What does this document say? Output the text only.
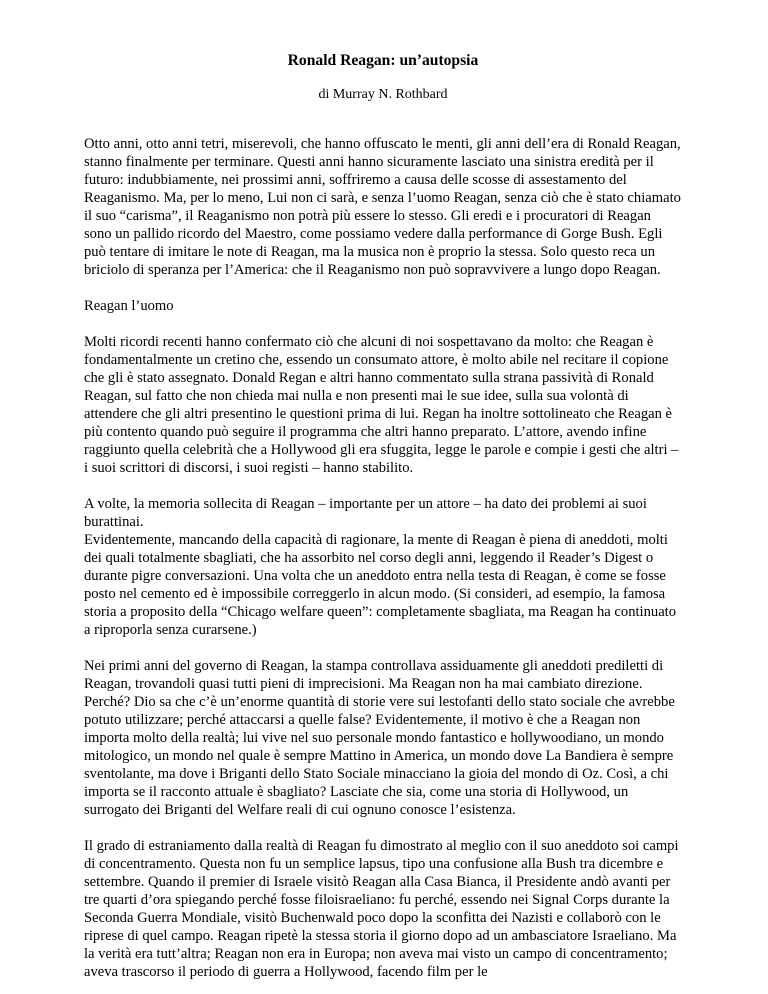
Ronald Reagan: un’autopsia

di Murray N. Rothbard

Otto anni, otto anni tetri, miserevoli, che hanno offuscato le menti, gli anni dell’era di Ronald Reagan, stanno finalmente per terminare. Questi anni hanno sicuramente lasciato una sinistra eredità per il futuro: indubbiamente, nei prossimi anni, soffriremo a causa delle scosse di assestamento del Reaganismo. Ma, per lo meno, Lui non ci sarà, e senza l’uomo Reagan, senza ciò che è stato chiamato il suo “carisma”, il Reaganismo non potrà più essere lo stesso. Gli eredi e i procuratori di Reagan sono un pallido ricordo del Maestro, come possiamo vedere dalla performance di Gorge Bush. Egli può tentare di imitare le note di Reagan, ma la musica non è proprio la stessa. Solo questo reca un briciolo di speranza per l’America: che il Reaganismo non può sopravvivere a lungo dopo Reagan.

Reagan l’uomo

Molti ricordi recenti hanno confermato ciò che alcuni di noi sospettavano da molto: che Reagan è fondamentalmente un cretino che, essendo un consumato attore, è molto abile nel recitare il copione che gli è stato assegnato. Donald Regan e altri hanno commentato sulla strana passività di Ronald Reagan, sul fatto che non chieda mai nulla e non presenti mai le sue idee, sulla sua volontà di attendere che gli altri presentino le questioni prima di lui. Regan ha inoltre sottolineato che Reagan è più contento quando può seguire il programma che altri hanno preparato. L’attore, avendo infine raggiunto quella celebrità che a Hollywood gli era sfuggita, legge le parole e compie i gesti che altri – i suoi scrittori di discorsi, i suoi registi – hanno stabilito.

A volte, la memoria sollecita di Reagan – importante per un attore – ha dato dei problemi ai suoi burattinai.

Evidentemente, mancando della capacità di ragionare, la mente di Reagan è piena di aneddoti, molti dei quali totalmente sbagliati, che ha assorbito nel corso degli anni, leggendo il Reader’s Digest o durante pigre conversazioni. Una volta che un aneddoto entra nella testa di Reagan, è come se fosse posto nel cemento ed è impossibile correggerlo in alcun modo. (Si consideri, ad esempio, la famosa storia a proposito della “Chicago welfare queen”: completamente sbagliata, ma Reagan ha continuato a riproporla senza curarsene.)

Nei primi anni del governo di Reagan, la stampa controllava assiduamente gli aneddoti prediletti di Reagan, trovandoli quasi tutti pieni di imprecisioni. Ma Reagan non ha mai cambiato direzione. Perché? Dio sa che c’è un’enorme quantità di storie vere sui lestofanti dello stato sociale che avrebbe potuto utilizzare; perché attaccarsi a quelle false? Evidentemente, il motivo è che a Reagan non importa molto della realtà; lui vive nel suo personale mondo fantastico e hollywoodiano, un mondo mitologico, un mondo nel quale è sempre Mattino in America, un mondo dove La Bandiera è sempre sventolante, ma dove i Briganti dello Stato Sociale minacciano la gioia del mondo di Oz. Così, a chi importa se il racconto attuale è sbagliato? Lasciate che sia, come una storia di Hollywood, un surrogato dei Briganti del Welfare reali di cui ognuno conosce l’esistenza.

Il grado di estraniamento dalla realtà di Reagan fu dimostrato al meglio con il suo aneddoto soi campi di concentramento. Questa non fu un semplice lapsus, tipo una confusione alla Bush tra dicembre e settembre. Quando il premier di Israele visitò Reagan alla Casa Bianca, il Presidente andò avanti per tre quarti d’ora spiegando perché fosse filoisraeliano: fu perché, essendo nei Signal Corps durante la Seconda Guerra Mondiale, visitò Buchenwald poco dopo la sconfitta dei Nazisti e collaborò con le riprese di quel campo. Reagan ripetè la stessa storia il giorno dopo ad un ambasciatore Israeliano. Ma la verità era tutt’altra; Reagan non era in Europa; non aveva mai visto un campo di concentramento; aveva trascorso il periodo di guerra a Hollywood, facendo film per le
